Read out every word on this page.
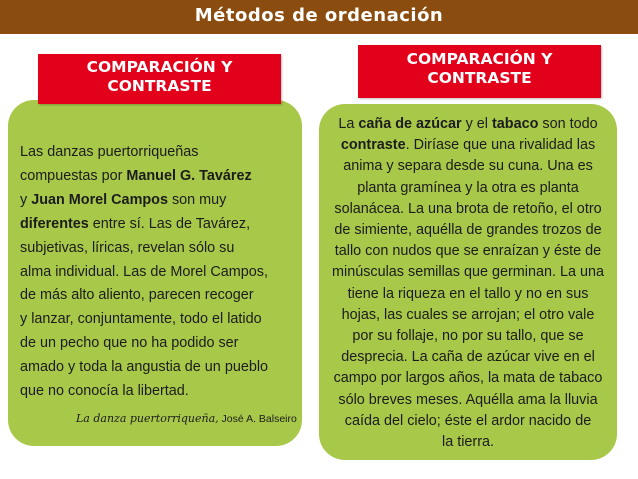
Métodos de ordenación
COMPARACIÓN Y
CONTRASTE
COMPARACIÓN Y
CONTRASTE
Las danzas puertorriqueñas
compuestas por Manuel G. Tavárez
y Juan Morel Campos son muy
diferentes entre sí. Las de Tavárez,
subjetivas, líricas, revelan sólo su
alma individual. Las de Morel Campos,
de más alto aliento, parecen recoger
y lanzar, conjuntamente, todo el latido
de un pecho que no ha podido ser
amado y toda la angustia de un pueblo
que no conocía la libertad.
La danza puertorriqueña, José A. Balseiro
La caña de azúcar y el tabaco son todo
contraste. Diríase que una rivalidad las
anima y separa desde su cuna. Una es
planta gramínea y la otra es planta
solanácea. La una brota de retoño, el otro
de simiente, aquélla de grandes trozos de
tallo con nudos que se enraízan y éste de
minúsculas semillas que germinan. La una
tiene la riqueza en el tallo y no en sus
hojas, las cuales se arrojan; el otro vale
por su follaje, no por su tallo, que se
desprecia. La caña de azúcar vive en el
campo por largos años, la mata de tabaco
sólo breves meses. Aquélla ama la lluvia
caída del cielo; éste el ardor nacido de
la tierra.
